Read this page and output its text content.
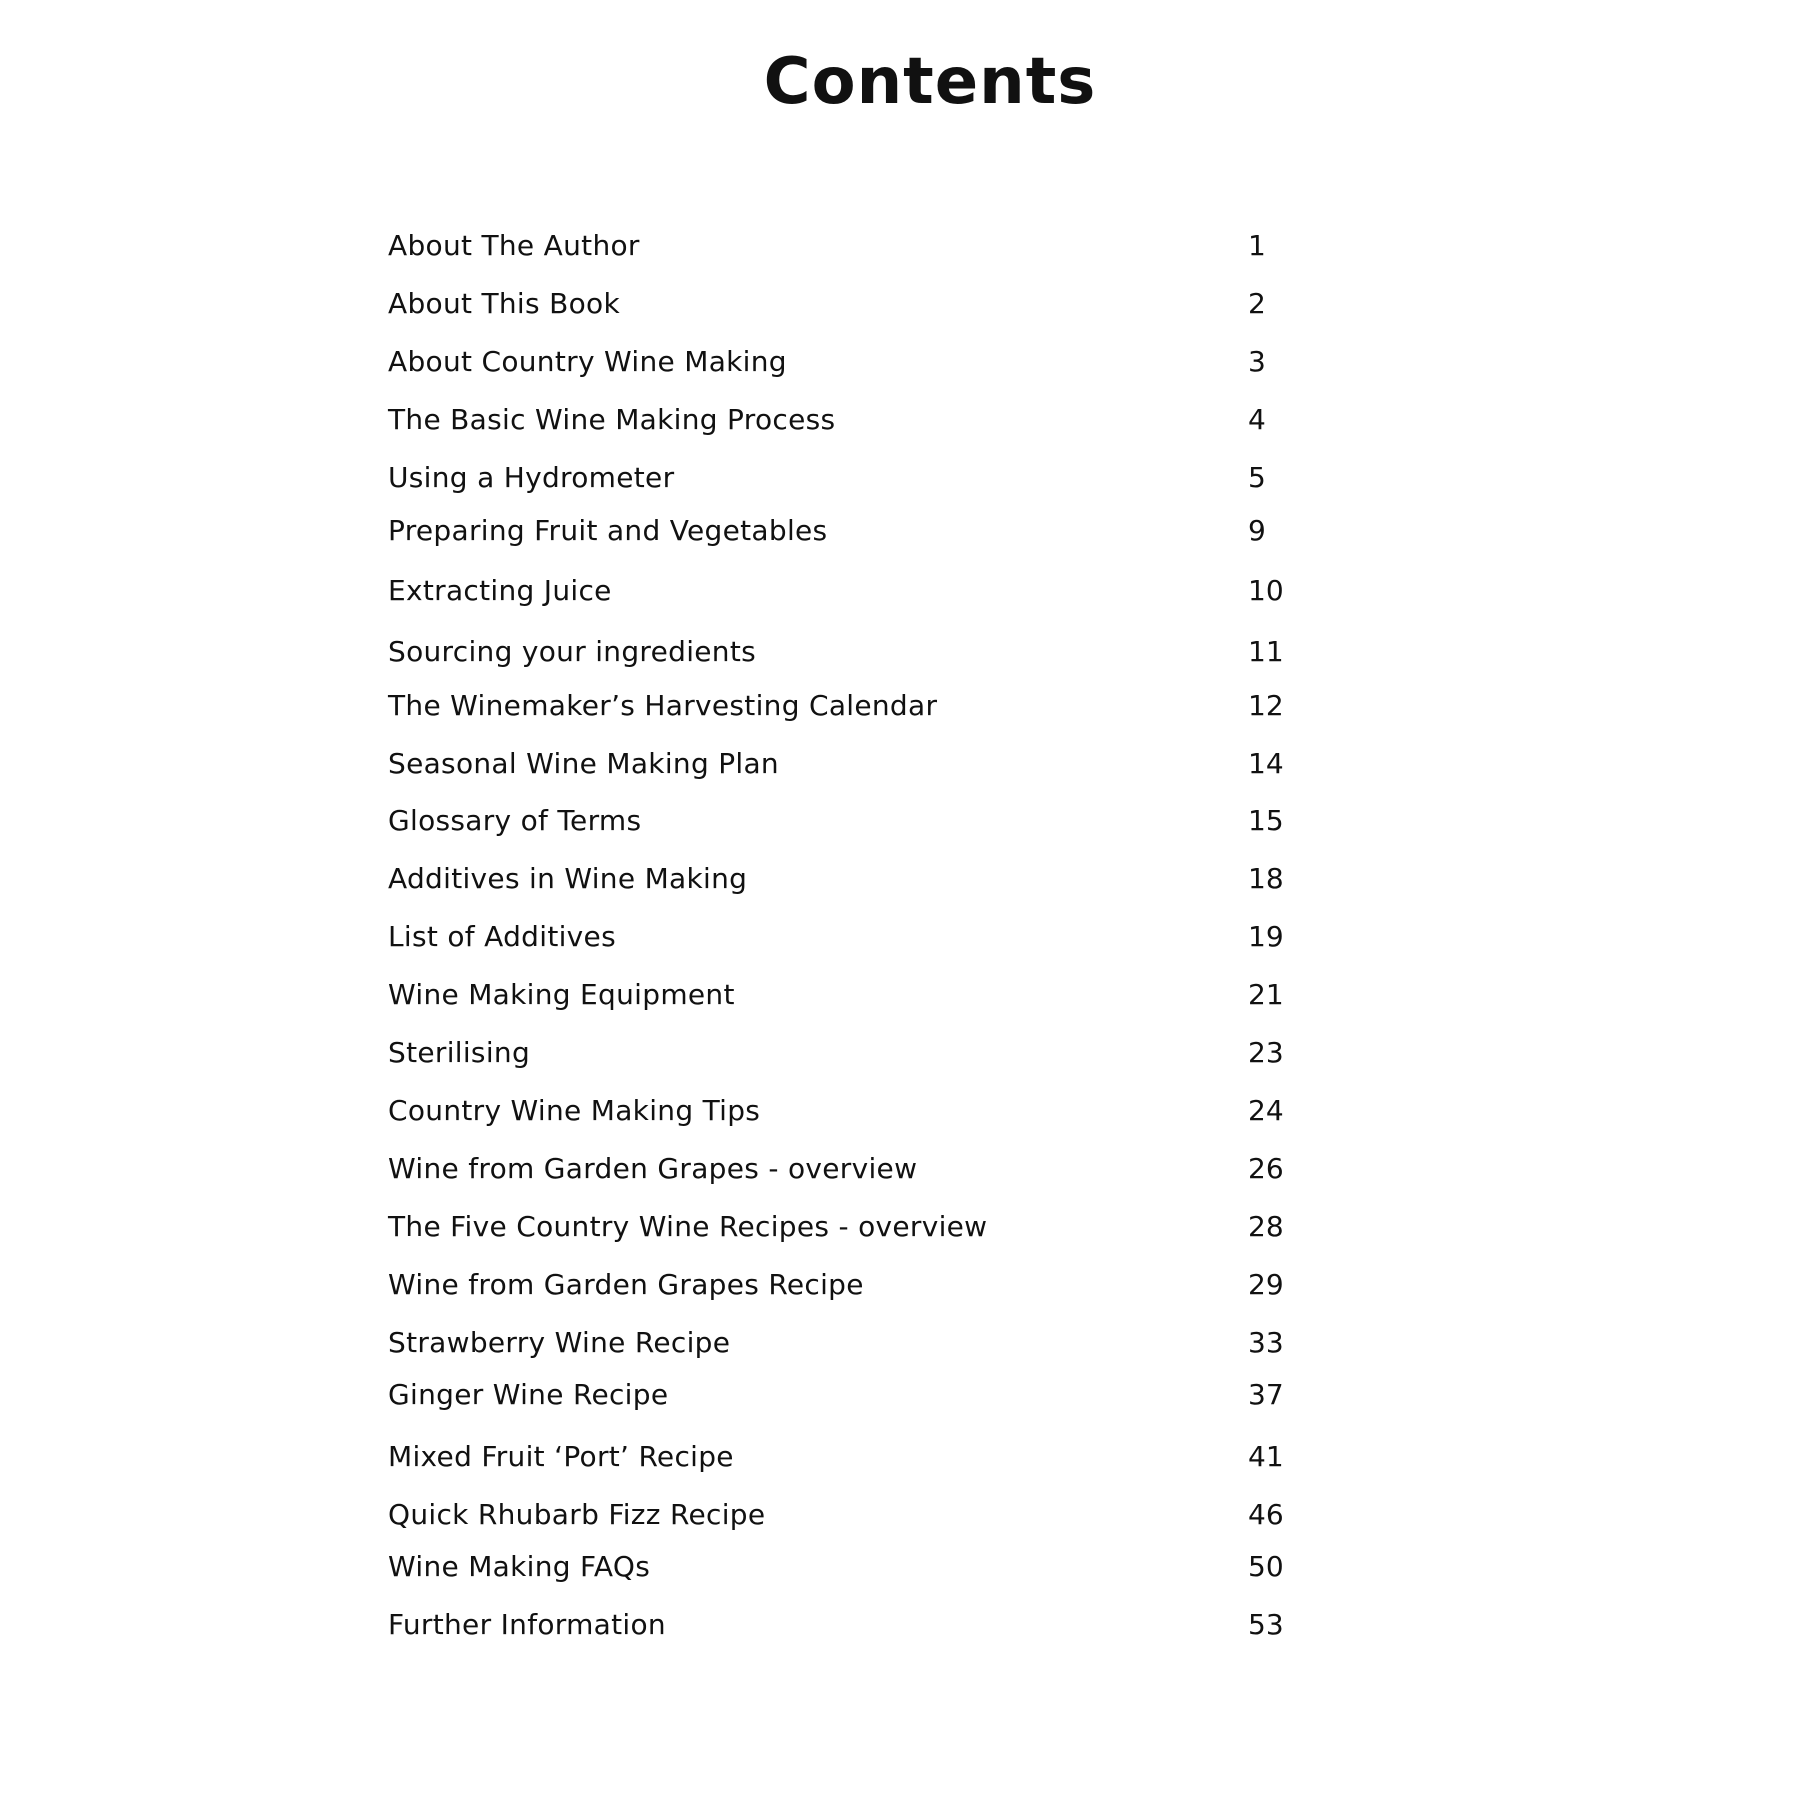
Contents
About The Author	1
About This Book	2
About Country Wine Making	3
The Basic Wine Making Process	4
Using a Hydrometer	5
Preparing Fruit and Vegetables	9
Extracting Juice	10
Sourcing your ingredients	11
The Winemaker’s Harvesting Calendar	12
Seasonal Wine Making Plan	14
Glossary of Terms	15
Additives in Wine Making	18
List of Additives	19
Wine Making Equipment	21
Sterilising	23
Country Wine Making Tips	24
Wine from Garden Grapes - overview	26
The Five Country Wine Recipes - overview	28
Wine from Garden Grapes Recipe	29
Strawberry Wine Recipe	33
Ginger Wine Recipe	37
Mixed Fruit ‘Port’ Recipe	41
Quick Rhubarb Fizz Recipe	46
Wine Making FAQs	50
Further Information	53
